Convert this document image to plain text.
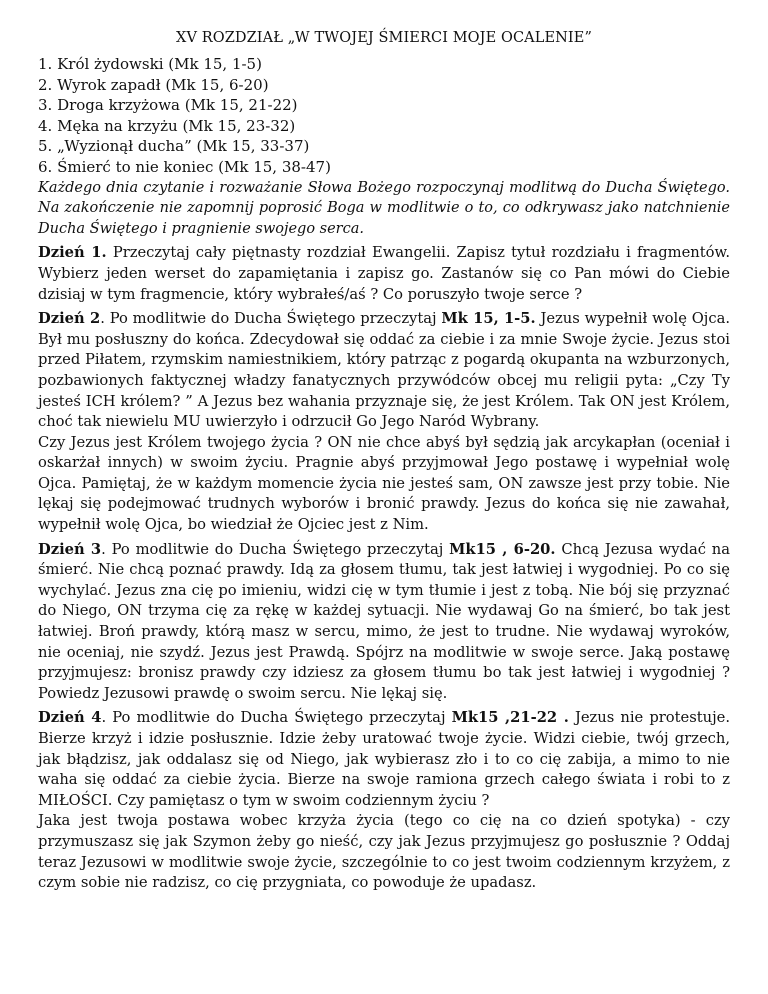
XV ROZDZIAŁ „W TWOJEJ ŚMIERCI MOJE OCALENIE”
1. Król żydowski (Mk 15, 1-5)
2. Wyrok zapadł (Mk 15, 6-20)
3. Droga krzyżowa (Mk 15, 21-22)
4. Męka na krzyżu (Mk 15, 23-32)
5. „Wyzionął ducha” (Mk 15, 33-37)
6. Śmierć to nie koniec (Mk 15, 38-47)

Każdego dnia czytanie i rozważanie Słowa Bożego rozpoczynaj modlitwą do Ducha Świętego. Na zakończenie nie zapomnij poprosić Boga w modlitwie o to, co odkrywasz jako natchnienie Ducha Świętego i pragnienie swojego serca.

Dzień 1. Przeczytaj cały piętnasty rozdział Ewangelii. Zapisz tytuł rozdziału i fragmentów. Wybierz jeden werset do zapamiętania i zapisz go. Zastanów się co Pan mówi do Ciebie dzisiaj w tym fragmencie, który wybrałeś/aś ? Co poruszyło twoje serce ?

Dzień 2. Po modlitwie do Ducha Świętego przeczytaj Mk 15, 1-5. Jezus wypełnił wolę Ojca. Był mu posłuszny do końca. Zdecydował się oddać za ciebie i za mnie Swoje życie. Jezus stoi przed Piłatem, rzymskim namiestnikiem, który patrząc z pogardą okupanta na wzburzonych, pozbawionych faktycznej władzy fanatycznych przywódców obcej mu religii pyta: „Czy Ty jesteś ICH królem? ” A Jezus bez wahania przyznaje się, że jest Królem. Tak ON jest Królem, choć tak niewielu MU uwierzyło i odrzucił Go Jego Naród Wybrany.

Czy Jezus jest Królem twojego życia ? ON nie chce abyś był sędzią jak arcykapłan (oceniał i oskarżał innych) w swoim życiu. Pragnie abyś przyjmował Jego postawę i wypełniał wolę Ojca. Pamiętaj, że w każdym momencie życia nie jesteś sam, ON zawsze jest przy tobie. Nie lękaj się podejmować trudnych wyborów i bronić prawdy. Jezus do końca się nie zawahał, wypełnił wolę Ojca, bo wiedział że Ojciec jest z Nim.

Dzień 3. Po modlitwie do Ducha Świętego przeczytaj Mk15 , 6-20. Chcą Jezusa wydać na śmierć. Nie chcą poznać prawdy. Idą za głosem tłumu, tak jest łatwiej i wygodniej. Po co się wychylać. Jezus zna cię po imieniu, widzi cię w tym tłumie i jest z tobą. Nie bój się przyznać do Niego, ON trzyma cię za rękę w każdej sytuacji. Nie wydawaj Go na śmierć, bo tak jest łatwiej. Broń prawdy, którą masz w sercu, mimo, że jest to trudne. Nie wydawaj wyroków, nie oceniaj, nie szydź. Jezus jest Prawdą. Spójrz na modlitwie w swoje serce. Jaką postawę przyjmujesz: bronisz prawdy czy idziesz za głosem tłumu bo tak jest łatwiej i wygodniej ? Powiedz Jezusowi prawdę o swoim sercu. Nie lękaj się.

Dzień 4. Po modlitwie do Ducha Świętego przeczytaj Mk15 ,21-22 . Jezus nie protestuje. Bierze krzyż i idzie posłusznie. Idzie żeby uratować twoje życie. Widzi ciebie, twój grzech, jak błądzisz, jak oddalasz się od Niego, jak wybierasz zło i to co cię zabija, a mimo to nie waha się oddać za ciebie życia. Bierze na swoje ramiona grzech całego świata i robi to z MIŁOŚCI. Czy pamiętasz o tym w swoim codziennym życiu ?

Jaka jest twoja postawa wobec krzyża życia (tego co cię na co dzień spotyka) - czy przymuszasz się jak Szymon żeby go nieść, czy jak Jezus przyjmujesz go posłusznie ? Oddaj teraz Jezusowi w modlitwie swoje życie, szczególnie to co jest twoim codziennym krzyżem, z czym sobie nie radzisz, co cię przygniata, co powoduje że upadasz.
